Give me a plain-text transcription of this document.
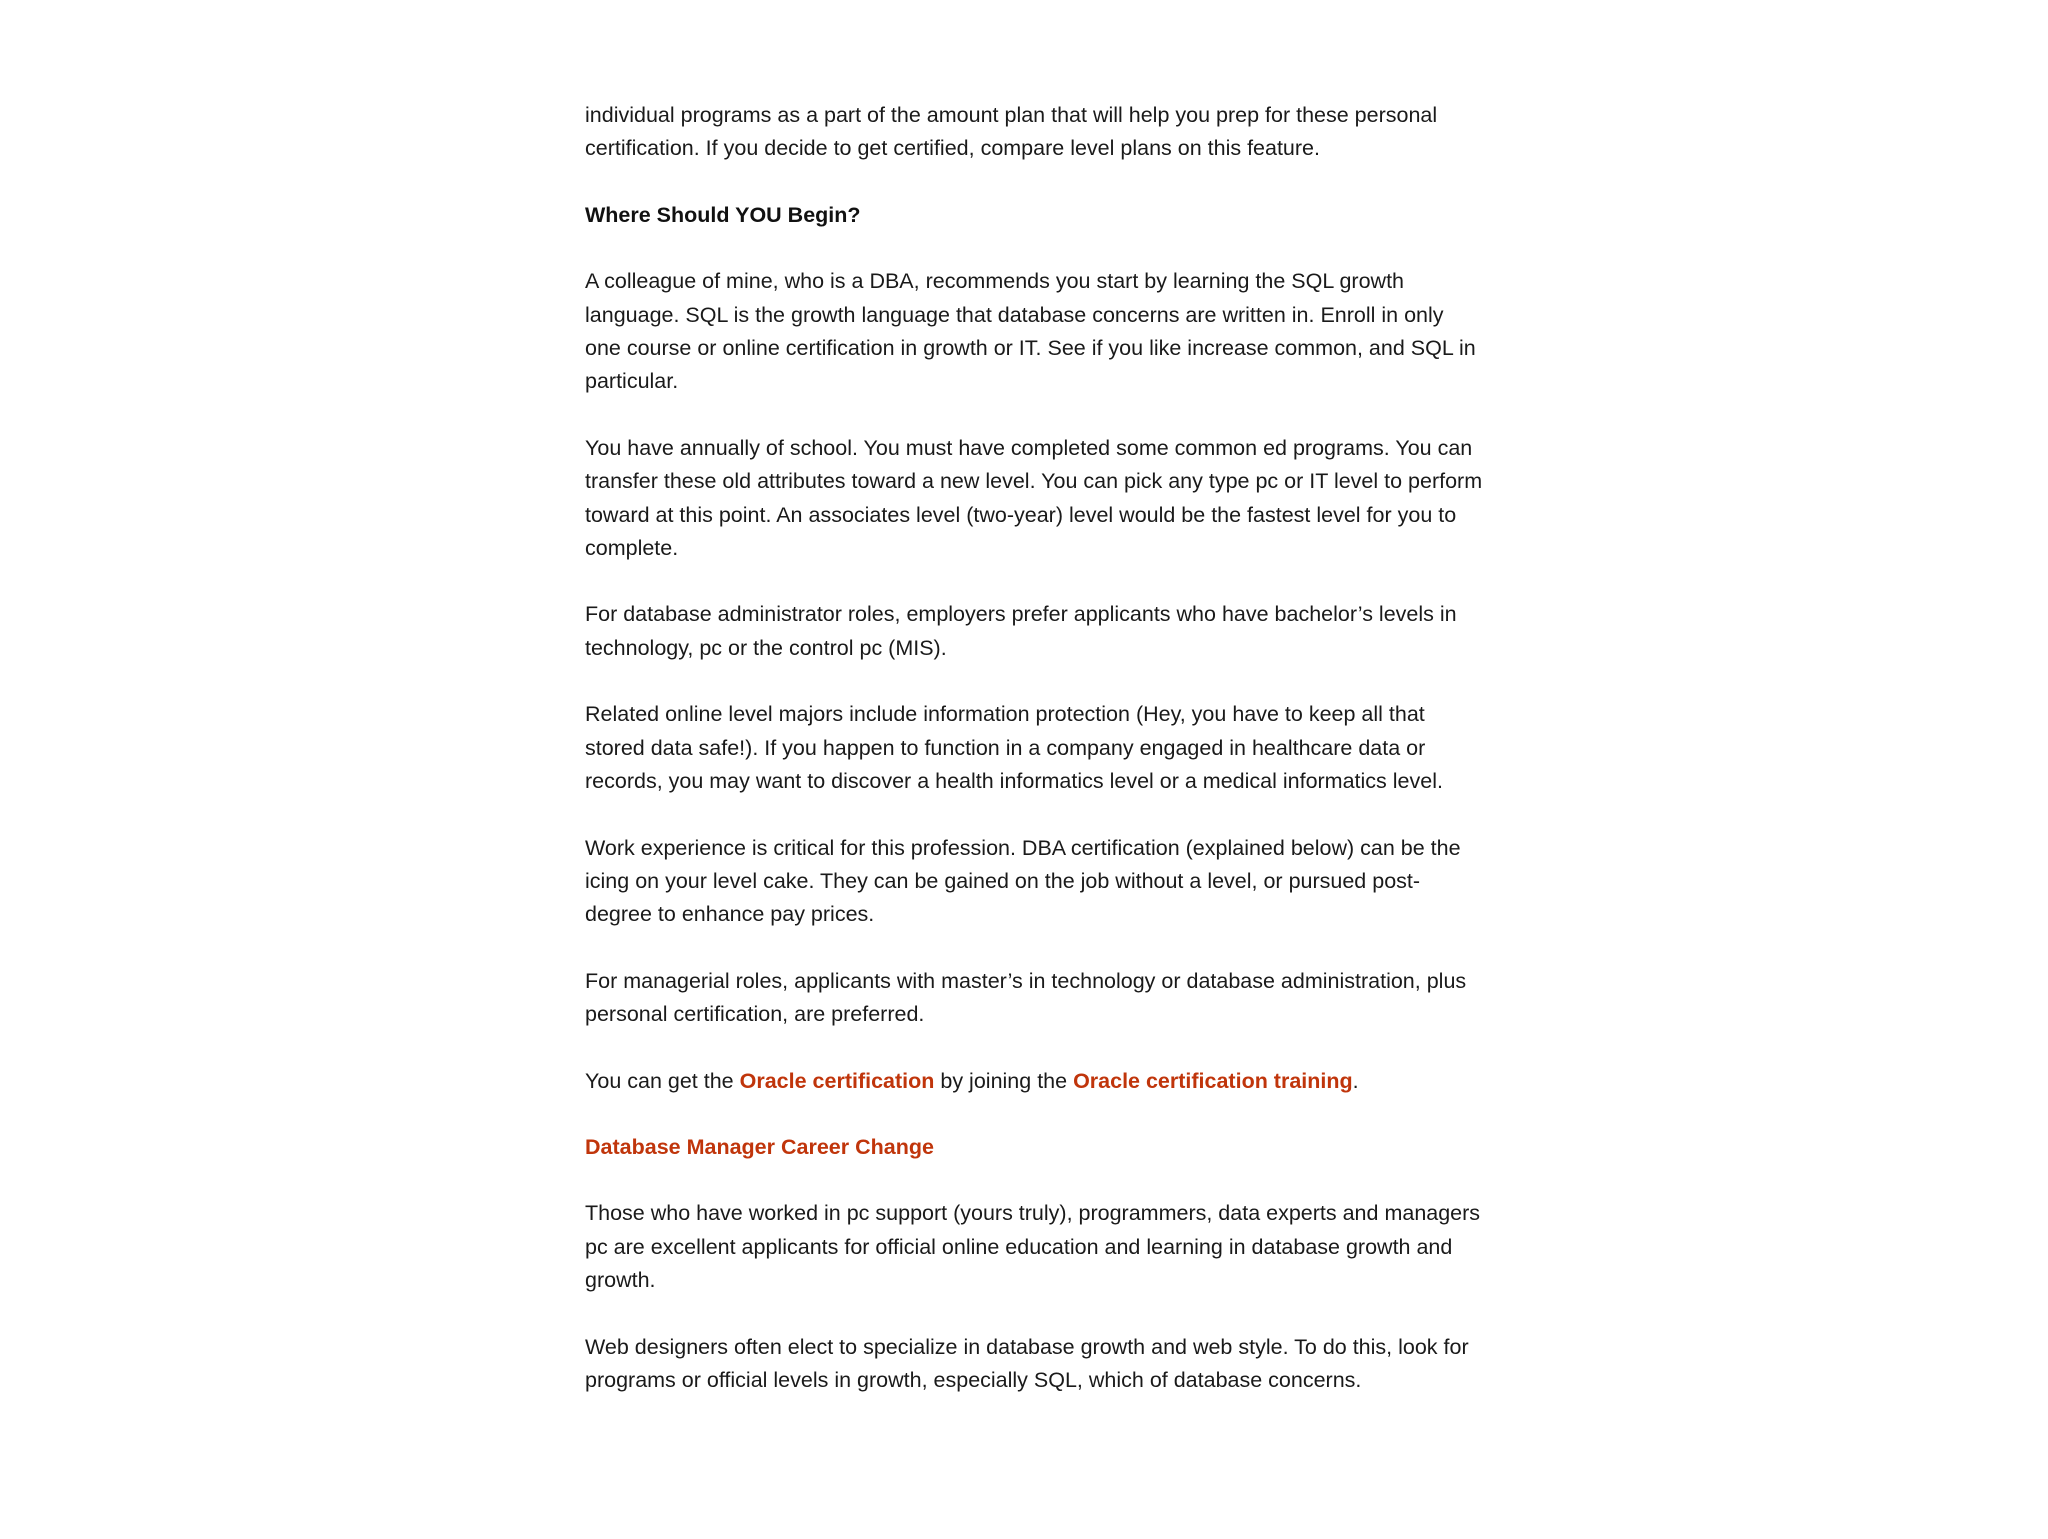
individual programs as a part of the amount plan that will help you prep for these personal certification. If you decide to get certified, compare level plans on this feature.

Where Should YOU Begin?

A colleague of mine, who is a DBA, recommends you start by learning the SQL growth language. SQL is the growth language that database concerns are written in. Enroll in only one course or online certification in growth or IT. See if you like increase common, and SQL in particular.

You have annually of school. You must have completed some common ed programs. You can transfer these old attributes toward a new level. You can pick any type pc or IT level to perform toward at this point. An associates level (two-year) level would be the fastest level for you to complete.

For database administrator roles, employers prefer applicants who have bachelor’s levels in technology, pc or the control pc (MIS).

Related online level majors include information protection (Hey, you have to keep all that stored data safe!). If you happen to function in a company engaged in healthcare data or records, you may want to discover a health informatics level or a medical informatics level.

Work experience is critical for this profession. DBA certification (explained below) can be the icing on your level cake. They can be gained on the job without a level, or pursued post-degree to enhance pay prices.

For managerial roles, applicants with master’s in technology or database administration, plus personal certification, are preferred.

You can get the Oracle certification by joining the Oracle certification training.

Database Manager Career Change

Those who have worked in pc support (yours truly), programmers, data experts and managers pc are excellent applicants for official online education and learning in database growth and growth.

Web designers often elect to specialize in database growth and web style. To do this, look for programs or official levels in growth, especially SQL, which of database concerns.
